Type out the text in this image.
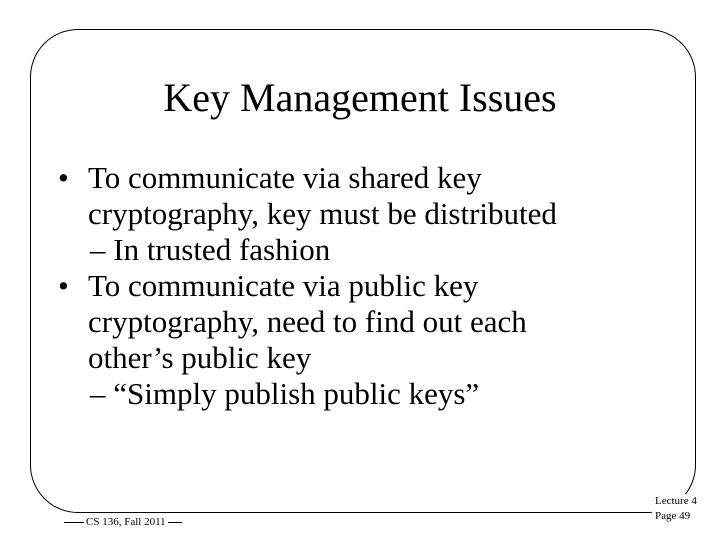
Key Management Issues
• To communicate via shared key
cryptography, key must be distributed
– In trusted fashion
• To communicate via public key
cryptography, need to find out each
other’s public key
– “Simply publish public keys”
CS 136, Fall 2011
Lecture 4
Page 49
